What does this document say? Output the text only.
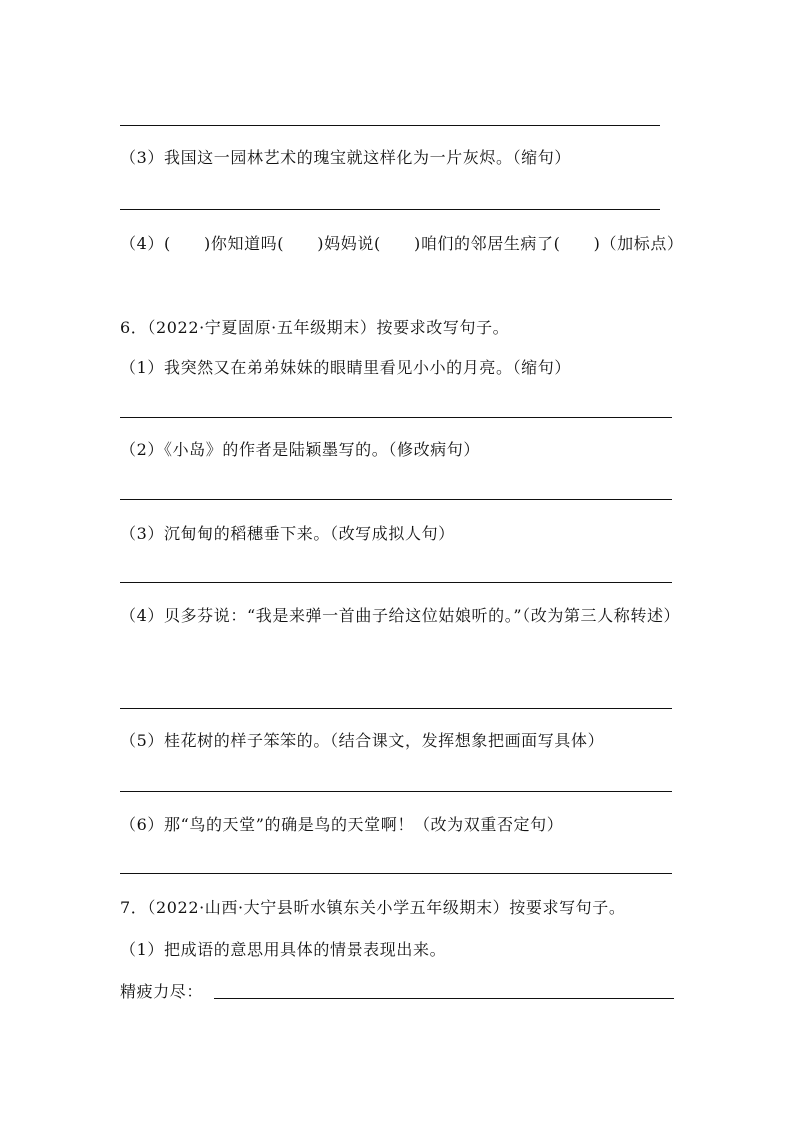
（3）我国这一园林艺术的瑰宝就这样化为一片灰烬。（缩句）
（4）(　　)你知道吗(　　)妈妈说(　　)咱们的邻居生病了(　　)（加标点）
6．（2022·宁夏固原·五年级期末）按要求改写句子。
（1）我突然又在弟弟妹妹的眼睛里看见小小的月亮。（缩句）
（2）《小岛》的作者是陆颖墨写的。（修改病句）
（3）沉甸甸的稻穗垂下来。（改写成拟人句）
（4）贝多芬说：“我是来弹一首曲子给这位姑娘听的。”（改为第三人称转述）
（5）桂花树的样子笨笨的。（结合课文，发挥想象把画面写具体）
（6）那“鸟的天堂”的确是鸟的天堂啊！（改为双重否定句）
7．（2022·山西·大宁县昕水镇东关小学五年级期末）按要求写句子。
（1）把成语的意思用具体的情景表现出来。
精疲力尽：
